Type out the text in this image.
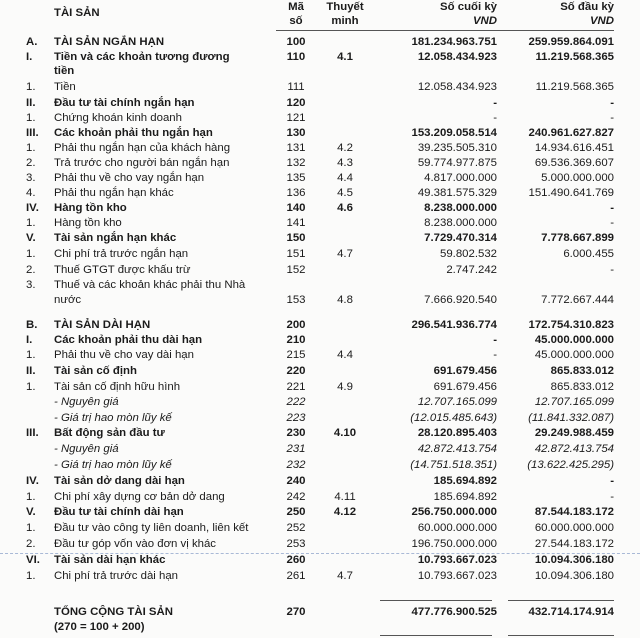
TÀI SẢN	Mã
số
Thuyết
minh
Số cuối kỳ
VND
Số đầu kỳ
VND
A. TÀI SẢN NGẮN HẠN	100	181.234.963.751	259.959.864.091
I. Tiền và các khoản tương đương	110	4.1	12.058.434.923	11.219.568.365
tiền
1. Tiền	111	12.058.434.923	11.219.568.365
II. Đầu tư tài chính ngắn hạn	120	-	-
1. Chứng khoán kinh doanh	121	-	-
III. Các khoản phải thu ngắn hạn	130	153.209.058.514	240.961.627.827
1. Phải thu ngắn hạn của khách hàng	131	4.2	39.235.505.310	14.934.616.451
2. Trả trước cho người bán ngắn hạn	132	4.3	59.774.977.875	69.536.369.607
3. Phải thu về cho vay ngắn hạn	135	4.4	4.817.000.000	5.000.000.000
4. Phải thu ngắn hạn khác	136	4.5	49.381.575.329	151.490.641.769
IV. Hàng tồn kho	140	4.6	8.238.000.000	-
1. Hàng tồn kho	141	8.238.000.000	-
V. Tài sản ngắn hạn khác	150	7.729.470.314	7.778.667.899
1. Chi phí trả trước ngắn hạn	151	4.7	59.802.532	6.000.455
2. Thuế GTGT được khấu trừ	152	2.747.242	-
3. Thuế và các khoản khác phải thu Nhà
nước	153	4.8	7.666.920.540	7.772.667.444
B. TÀI SẢN DÀI HẠN	200	296.541.936.774	172.754.310.823
I. Các khoản phải thu dài hạn	210	-	45.000.000.000
1. Phải thu về cho vay dài hạn	215	4.4	-	45.000.000.000
II. Tài sản cố định	220	691.679.456	865.833.012
1. Tài sản cố định hữu hình	221	4.9	691.679.456	865.833.012
- Nguyên giá	222	12.707.165.099	12.707.165.099
- Giá trị hao mòn lũy kế	223	(12.015.485.643)	(11.841.332.087)
III. Bất động sản đầu tư	230	4.10	28.120.895.403	29.249.988.459
- Nguyên giá	231	42.872.413.754	42.872.413.754
- Giá trị hao mòn lũy kế	232	(14.751.518.351)	(13.622.425.295)
IV. Tài sản dở dang dài hạn	240	185.694.892	-
1. Chi phí xây dựng cơ bản dở dang	242	4.11	185.694.892	-
V. Đầu tư tài chính dài hạn	250	4.12	256.750.000.000	87.544.183.172
1. Đầu tư vào công ty liên doanh, liên kết	252	60.000.000.000	60.000.000.000
2. Đầu tư góp vốn vào đơn vị khác	253	196.750.000.000	27.544.183.172
VI. Tài sản dài hạn khác	260	10.793.667.023	10.094.306.180
1. Chi phí trả trước dài hạn	261	4.7	10.793.667.023	10.094.306.180
TỔNG CỘNG TÀI SẢN	270	477.776.900.525	432.714.174.914
(270 = 100 + 200)
